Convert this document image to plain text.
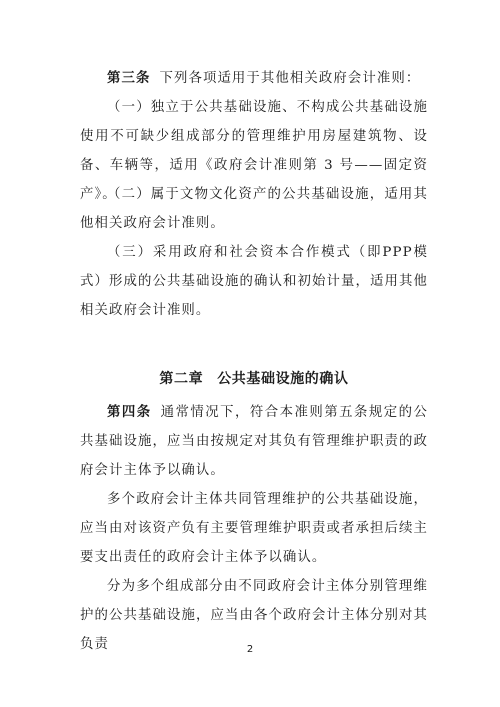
第三条 下列各项适用于其他相关政府会计准则：

（一）独立于公共基础设施、不构成公共基础设施使用不可缺少组成部分的管理维护用房屋建筑物、设备、车辆等，适用《政府会计准则第 3 号——固定资产》。

（二）属于文物文化资产的公共基础设施，适用其他相关政府会计准则。

（三）采用政府和社会资本合作模式（即PPP模式）形成的公共基础设施的确认和初始计量，适用其他相关政府会计准则。

第二章 公共基础设施的确认

第四条 通常情况下，符合本准则第五条规定的公共基础设施，应当由按规定对其负有管理维护职责的政府会计主体予以确认。

多个政府会计主体共同管理维护的公共基础设施，应当由对该资产负有主要管理维护职责或者承担后续主要支出责任的政府会计主体予以确认。

分为多个组成部分由不同政府会计主体分别管理维护的公共基础设施，应当由各个政府会计主体分别对其负责	2
